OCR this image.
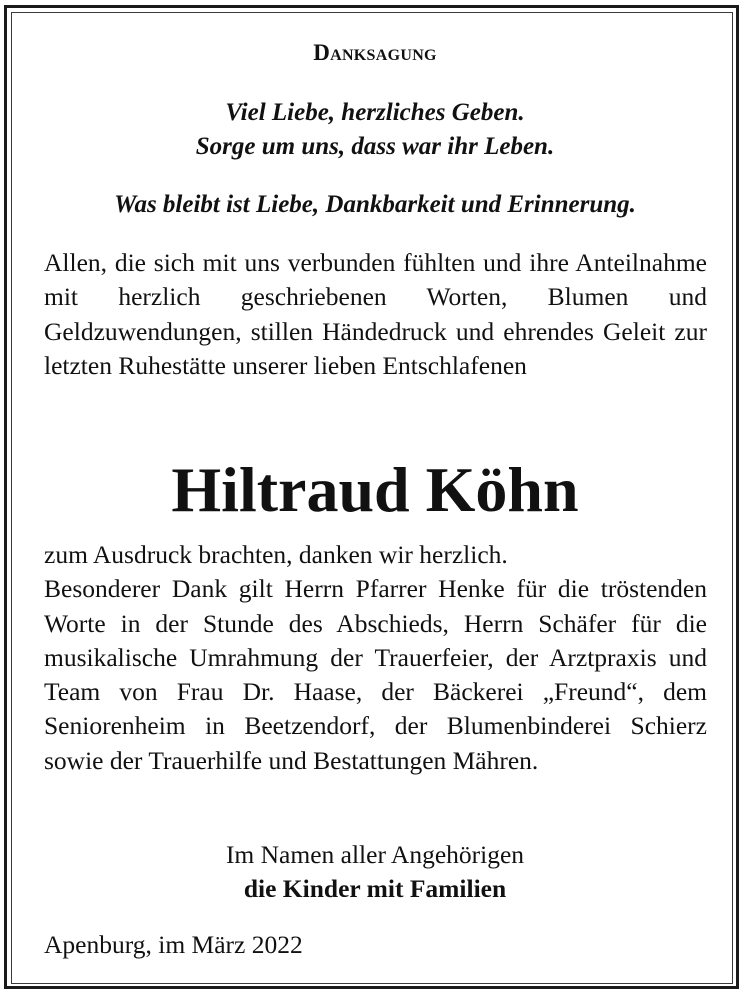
Danksagung
Viel Liebe, herzliches Geben.
Sorge um uns, dass war ihr Leben.
Was bleibt ist Liebe, Dankbarkeit und Erinnerung.
Allen, die sich mit uns verbunden fühlten und ihre Anteilnahme mit herzlich geschriebenen Worten, Blumen und Geldzuwendungen, stillen Händedruck und ehrendes Geleit zur letzten Ruhestätte unserer lieben Entschlafenen
Hiltraud Köhn
zum Ausdruck brachten, danken wir herzlich.
Besonderer Dank gilt Herrn Pfarrer Henke für die tröstenden Worte in der Stunde des Abschieds, Herrn Schäfer für die musikalische Umrahmung der Trauerfeier, der Arztpraxis und Team von Frau Dr. Haase, der Bäckerei „Freund“, dem Seniorenheim in Beetzendorf, der Blumenbinderei Schierz sowie der Trauerhilfe und Bestattungen Mähren.
Im Namen aller Angehörigen
die Kinder mit Familien
Apenburg, im März 2022
